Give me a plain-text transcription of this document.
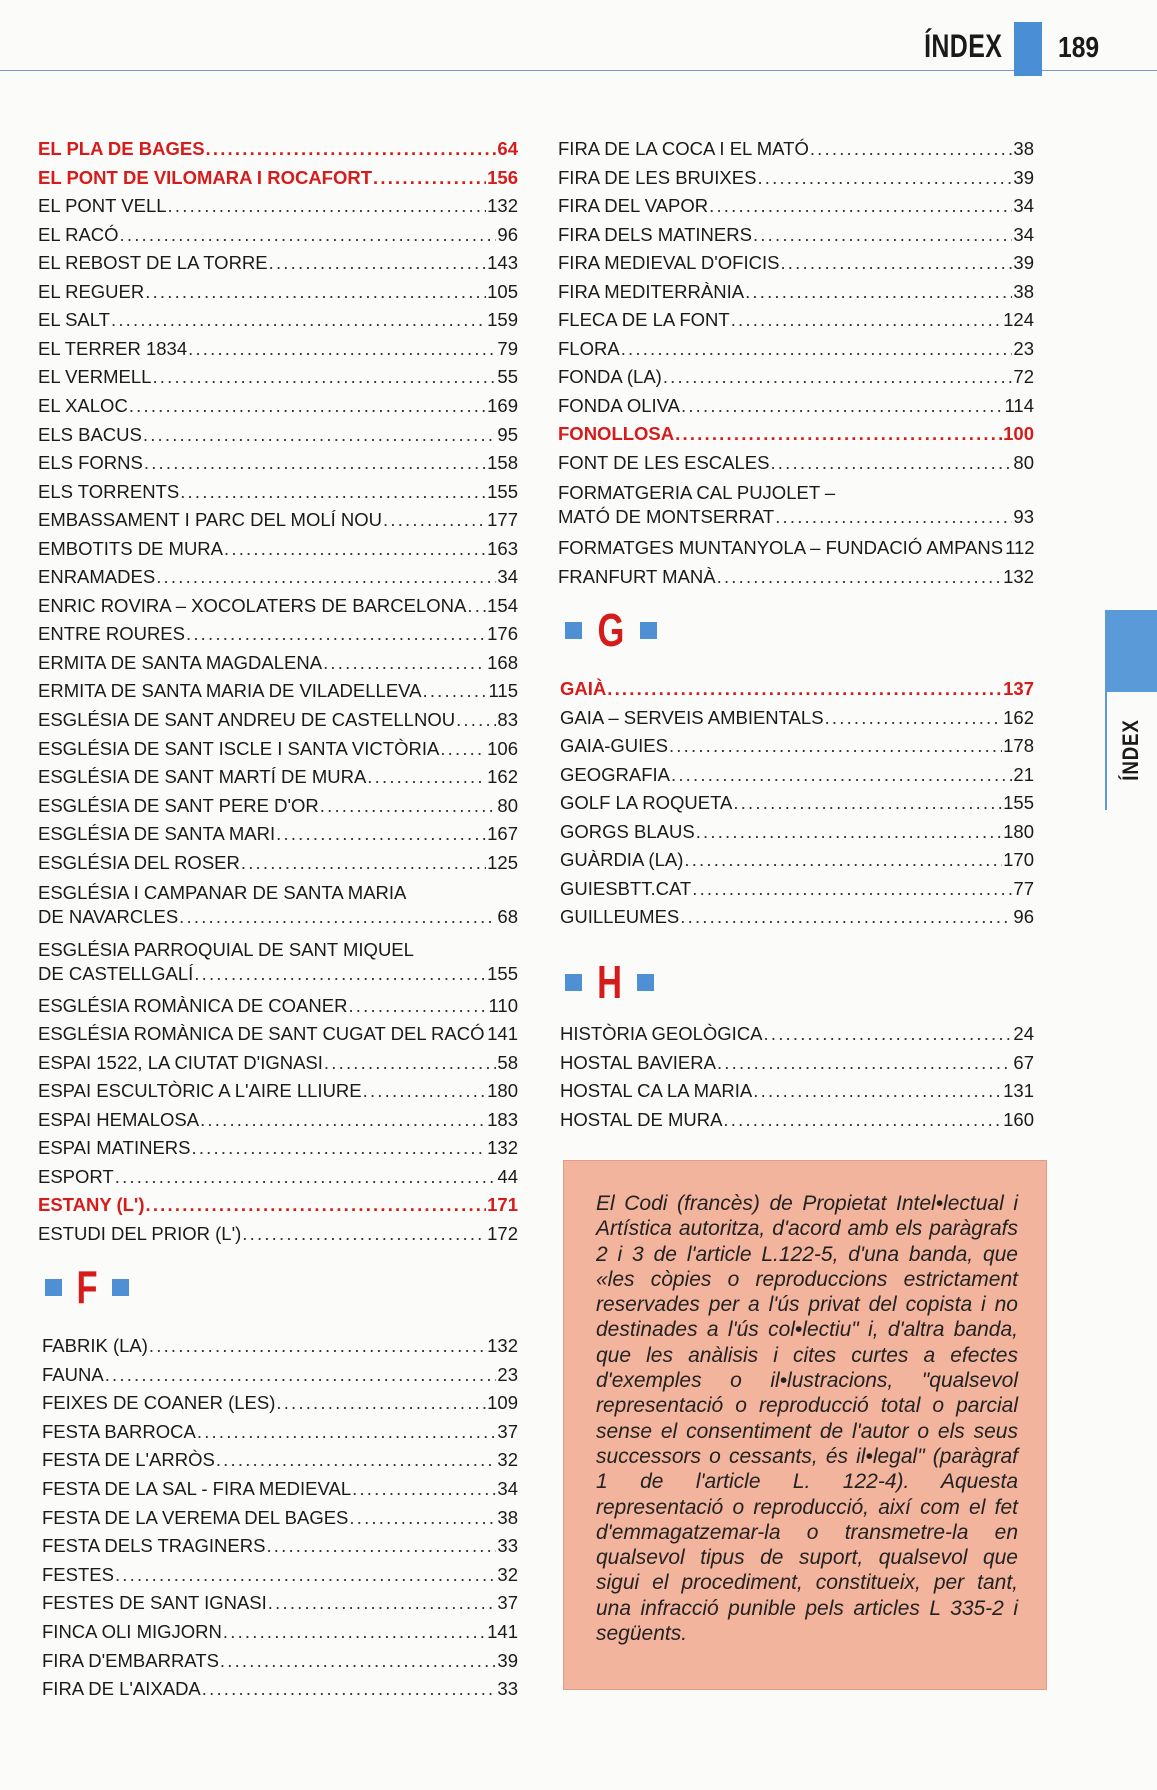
ÍNDEX 189
ÍNDEX
EL PLA DE BAGES .....	64
EL PONT DE VILOMARA I ROCAFORT .....	156
EL PONT VELL .....	132
EL RACÓ .....	96
EL REBOST DE LA TORRE .....	143
EL REGUER .....	105
EL SALT .....	159
EL TERRER 1834 .....	79
EL VERMELL .....	55
EL XALOC .....	169
ELS BACUS .....	95
ELS FORNS .....	158
ELS TORRENTS .....	155
EMBASSAMENT I PARC DEL MOLÍ NOU .....	177
EMBOTITS DE MURA .....	163
ENRAMADES .....	34
ENRIC ROVIRA – XOCOLATERS DE BARCELONA ..... 154
ENTRE ROURES .....	176
ERMITA DE SANTA MAGDALENA .....	168
ERMITA DE SANTA MARIA DE VILADELLEVA .....	115
ESGLÉSIA DE SANT ANDREU DE CASTELLNOU ..... 83
ESGLÉSIA DE SANT ISCLE I SANTA VICTÒRIA .....	106
ESGLÉSIA DE SANT MARTÍ DE MURA .....	162
ESGLÉSIA DE SANT PERE D'OR .....	80
ESGLÉSIA DE SANTA MARI .....	167
ESGLÉSIA DEL ROSER .....	125
ESGLÉSIA I CAMPANAR DE SANTA MARIA
DE NAVARCLES .....	68
ESGLÉSIA PARROQUIAL DE SANT MIQUEL
DE CASTELLGALÍ .....	155
ESGLÉSIA ROMÀNICA DE COANER .....	110
ESGLÉSIA ROMÀNICA DE SANT CUGAT DEL RACÓ ..... 141
ESPAI 1522, LA CIUTAT D'IGNASI .....	58
ESPAI ESCULTÒRIC A L'AIRE LLIURE .....	180
ESPAI HEMALOSA .....	183
ESPAI MATINERS .....	132
ESPORT .....	44
ESTANY (L') .....	171
ESTUDI DEL PRIOR (L') .....	172
FABRIK (LA) .....	132
FAUNA .....	23
FEIXES DE COANER (LES) .....	109
FESTA BARROCA .....	37
FESTA DE L'ARRÒS .....	32
FESTA DE LA SAL - FIRA MEDIEVAL .....	34
FESTA DE LA VEREMA DEL BAGES .....	38
FESTA DELS TRAGINERS .....	33
FESTES .....	32
FESTES DE SANT IGNASI .....	37
FINCA OLI MIGJORN .....	141
FIRA D'EMBARRATS .....	39
FIRA DE L'AIXADA .....	33
FIRA DE LA COCA I EL MATÓ .....	38
FIRA DE LES BRUIXES .....	39
FIRA DEL VAPOR .....	34
FIRA DELS MATINERS .....	34
FIRA MEDIEVAL D'OFICIS .....	39
FIRA MEDITERRÀNIA .....	38
FLECA DE LA FONT .....	124
FLORA .....	23
FONDA (LA) .....	72
FONDA OLIVA .....	114
FONOLLOSA .....	100
FONT DE LES ESCALES .....	80
FORMATGERIA CAL PUJOLET –
MATÓ DE MONTSERRAT .....	93
FORMATGES MUNTANYOLA – FUNDACIÓ AMPANS 112
FRANFURT MANÀ .....	132
GAIÀ .....	137
GAIA – SERVEIS AMBIENTALS .....	162
GAIA-GUIES .....	178
GEOGRAFIA .....	21
GOLF LA ROQUETA .....	155
GORGS BLAUS .....	180
GUÀRDIA (LA) .....	170
GUIESBTT.CAT .....	77
GUILLEUMES .....	96
HISTÒRIA GEOLÒGICA .....	24
HOSTAL BAVIERA .....	67
HOSTAL CA LA MARIA .....	131
HOSTAL DE MURA .....	160
F
G
H

El Codi (francès) de Propietat Intel•lectual i Artística autoritza, d'acord amb els paràgrafs 2 i 3 de l'article L.122-5, d'una banda, que «les còpies o reproduccions estrictament reservades per a l'ús privat del copista i no destinades a l'ús col•lectiu" i, d'altra banda, que les anàlisis i cites curtes a efectes d'exemples o il•lustracions, "qualsevol representació o reproducció total o parcial sense el consentiment de l'autor o els seus successors o cessants, és il•legal" (paràgraf 1 de l'article L. 122-4). Aquesta representació o reproducció, així com el fet d'emmagatzemar-la o transmetre-la en qualsevol tipus de suport, qualsevol que sigui el procediment, constitueix, per tant, una infracció punible pels articles L 335-2 i següents.
